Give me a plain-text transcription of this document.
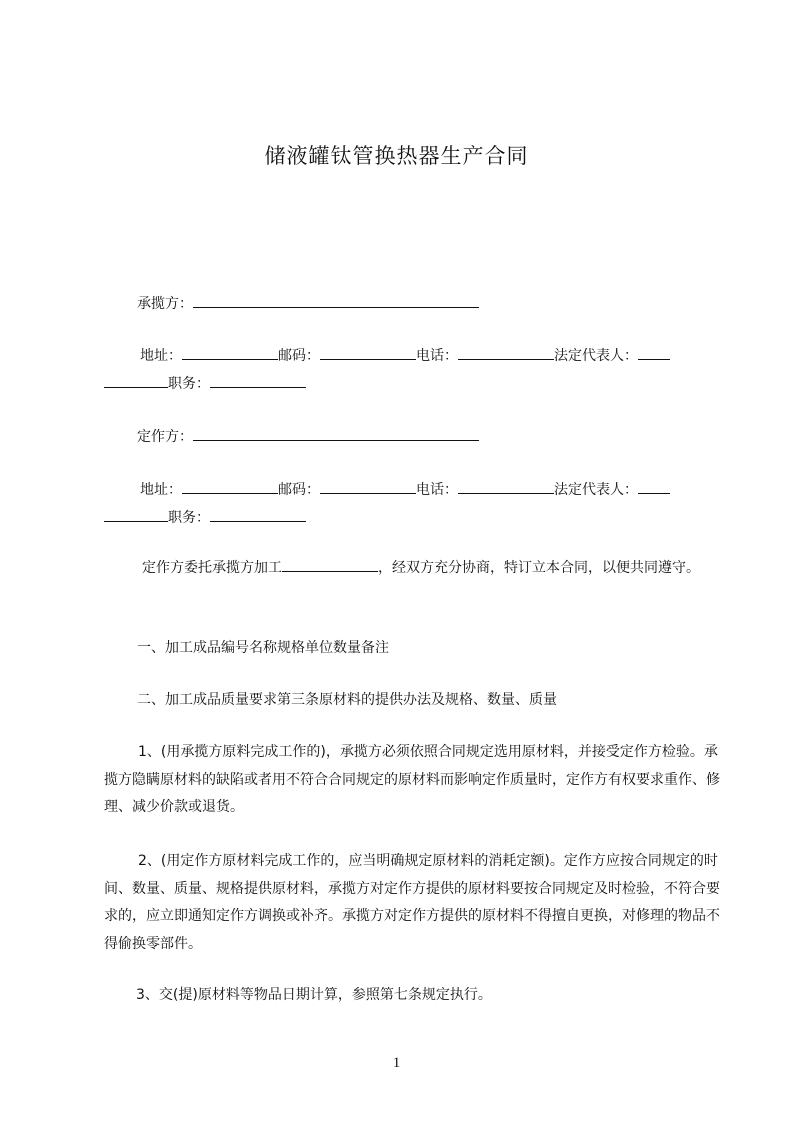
储液罐钛管换热器生产合同
承揽方：
地址：	邮码：	电话：	法定代表人：
职务：
定作方：
地址：	邮码：	电话：	法定代表人：
职务：

定作方委托承揽方加工	，经双方充分协商，特订立本合同，以便共同遵守。

一、加工成品编号名称规格单位数量备注
二、加工成品质量要求第三条原材料的提供办法及规格、数量、质量

1、(用承揽方原料完成工作的)，承揽方必须依照合同规定选用原材料，并接受定作方检验。承揽方隐瞒原材料的缺陷或者用不符合合同规定的原材料而影响定作质量时，定作方有权要求重作、修理、减少价款或退货。

2、(用定作方原材料完成工作的，应当明确规定原材料的消耗定额)。定作方应按合同规定的时间、数量、质量、规格提供原材料，承揽方对定作方提供的原材料要按合同规定及时检验，不符合要求的，应立即通知定作方调换或补齐。承揽方对定作方提供的原材料不得擅自更换，对修理的物品不得偷换零部件。

3、交(提)原材料等物品日期计算，参照第七条规定执行。
1
